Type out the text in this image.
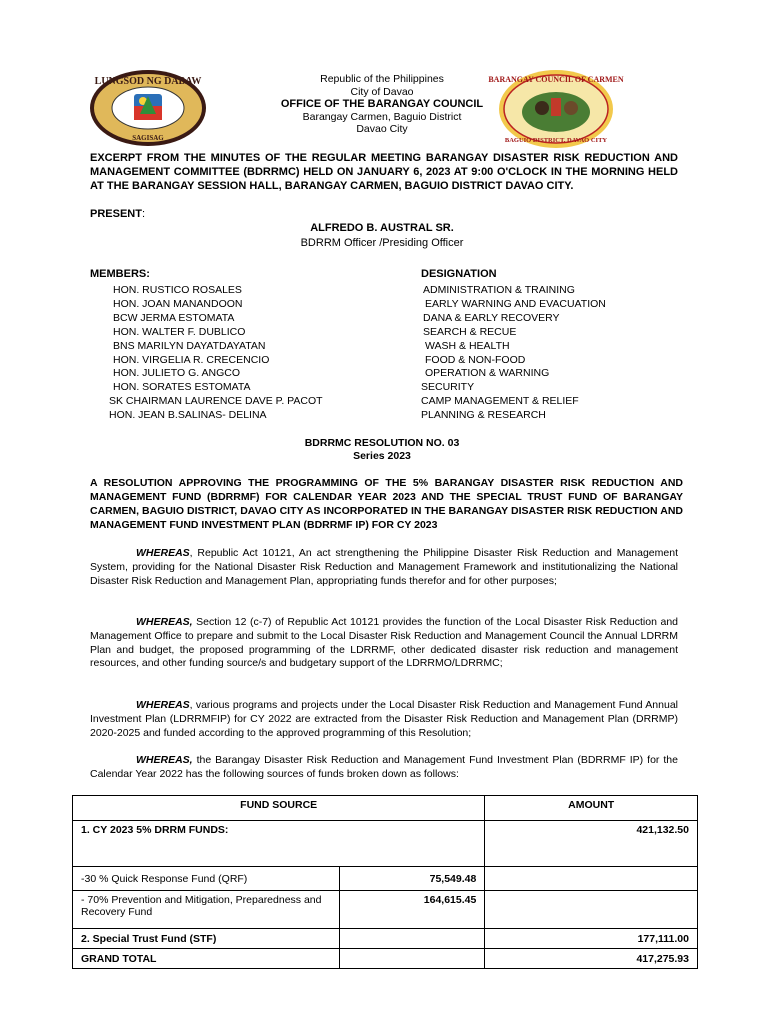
LUNGSOD NG DABAW
SAGISAG
Republic of the Philippines
City of Davao
OFFICE OF THE BARANGAY COUNCIL
Barangay Carmen, Baguio District
Davao City
BARANGAY COUNCIL OF CARMEN
BAGUIO DISTRICT, DAVAO CITY
EXCERPT FROM THE MINUTES OF THE REGULAR MEETING BARANGAY DISASTER RISK REDUCTION AND MANAGEMENT COMMITTEE (BDRRMC) HELD ON JANUARY 6, 2023 AT 9:00 O'CLOCK IN THE MORNING HELD AT THE BARANGAY SESSION HALL, BARANGAY CARMEN, BAGUIO DISTRICT DAVAO CITY.
PRESENT:
ALFREDO B. AUSTRAL SR.
BDRRM Officer /Presiding Officer
MEMBERS:	DESIGNATION
HON. RUSTICO ROSALES	ADMINISTRATION & TRAINING
HON. JOAN MANANDOON	EARLY WARNING AND EVACUATION
BCW JERMA ESTOMATA	DANA & EARLY RECOVERY
HON. WALTER F. DUBLICO	SEARCH & RECUE
BNS MARILYN DAYATDAYATAN	WASH & HEALTH
HON. VIRGELIA R. CRECENCIO	FOOD & NON-FOOD
HON. JULIETO G. ANGCO	OPERATION & WARNING
HON. SORATES ESTOMATA	SECURITY
SK CHAIRMAN LAURENCE DAVE P. PACOT	CAMP MANAGEMENT & RELIEF
HON. JEAN B.SALINAS- DELINA	PLANNING & RESEARCH
BDRRMC RESOLUTION NO. 03
Series 2023
A RESOLUTION APPROVING THE PROGRAMMING OF THE 5% BARANGAY DISASTER RISK REDUCTION AND MANAGEMENT FUND (BDRRMF) FOR CALENDAR YEAR 2023 AND THE SPECIAL TRUST FUND OF BARANGAY CARMEN, BAGUIO DISTRICT, DAVAO CITY AS INCORPORATED IN THE BARANGAY DISASTER RISK REDUCTION AND MANAGEMENT FUND INVESTMENT PLAN (BDRRMF IP) FOR CY 2023
WHEREAS, Republic Act 10121, An act strengthening the Philippine Disaster Risk Reduction and Management System, providing for the National Disaster Risk Reduction and Management Framework and institutionalizing the National Disaster Risk Reduction and Management Plan, appropriating funds therefor and for other purposes;
WHEREAS, Section 12 (c-7) of Republic Act 10121 provides the function of the Local Disaster Risk Reduction and Management Office to prepare and submit to the Local Disaster Risk Reduction and Management Council the Annual LDRRM Plan and budget, the proposed programming of the LDRRMF, other dedicated disaster risk reduction and management resources, and other funding source/s and budgetary support of the LDRRMO/LDRRMC;
WHEREAS, various programs and projects under the Local Disaster Risk Reduction and Management Fund Annual Investment Plan (LDRRMFIP) for CY 2022 are extracted from the Disaster Risk Reduction and Management Plan (DRRMP) 2020-2025 and funded according to the approved programming of this Resolution;
WHEREAS, the Barangay Disaster Risk Reduction and Management Fund Investment Plan (BDRRMF IP) for the Calendar Year 2022 has the following sources of funds broken down as follows:
FUND SOURCE		AMOUNT
1. CY 2023 5% DRRM FUNDS:		421,132.50
-30 % Quick Response Fund (QRF)	75,549.48	
- 70% Prevention and Mitigation, Preparedness and Recovery Fund	164,615.45	
2. Special Trust Fund (STF)		177,111.00
GRAND TOTAL		417,275.93
